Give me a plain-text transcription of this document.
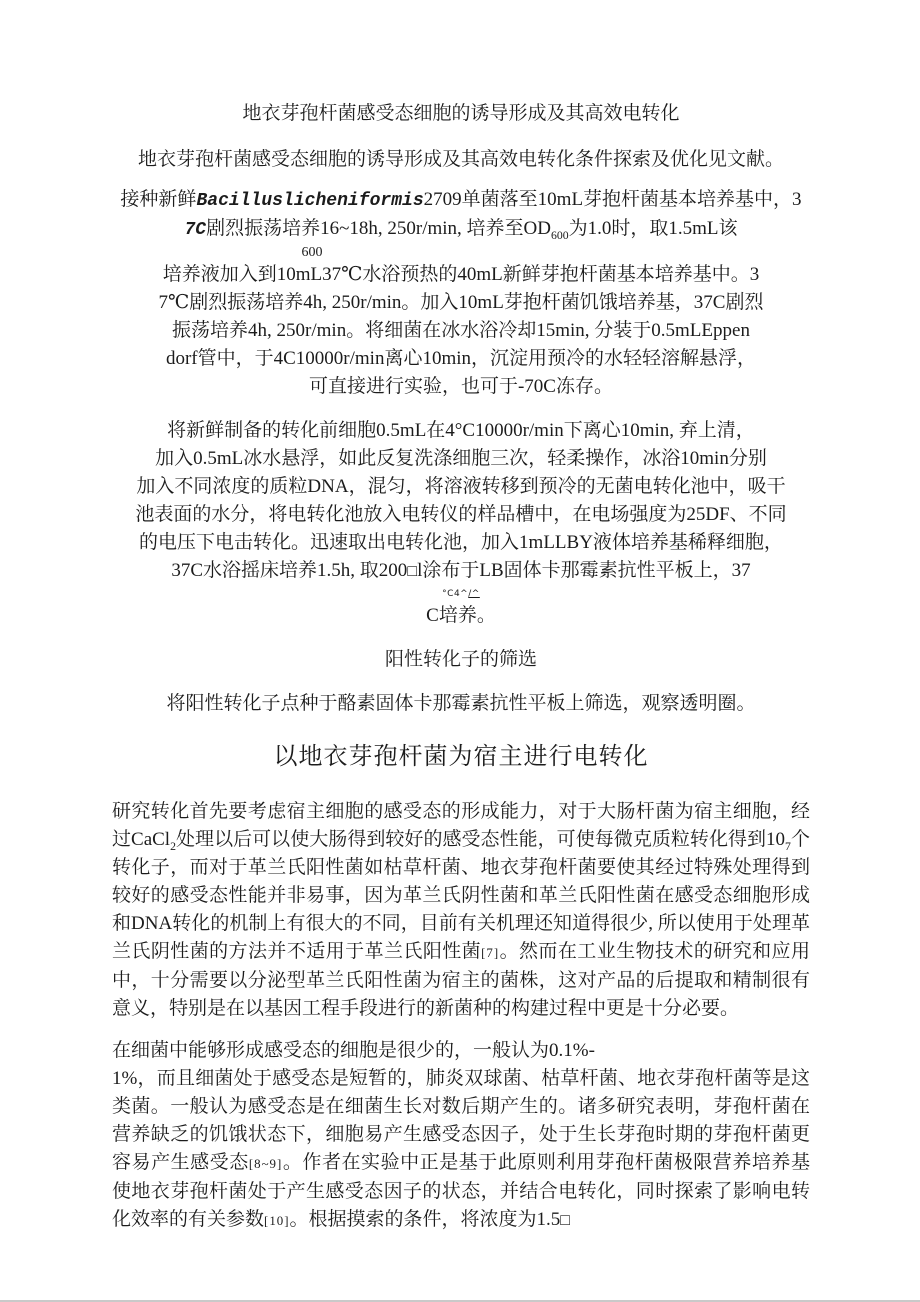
地衣芽孢杆菌感受态细胞的诱导形成及其高效电转化
地衣芽孢杆菌感受态细胞的诱导形成及其高效电转化条件探索及优化见文献。
接种新鲜Bacilluslicheniformis2709单菌落至10mL芽抱杆菌基本培养基中，3
7C剧烈振荡培养16~18h, 250r/min, 培养至$OD_{600}$为1.0时，取1.5mL该
600
培养液加入到10mL37℃水浴预热的40mL新鲜芽抱杆菌基本培养基中。3
7℃剧烈振荡培养4h, 250r/min。加入10mL芽抱杆菌饥饿培养基，37C剧烈
振荡培养4h, 250r/min。将细菌在冰水浴冷却15min, 分装于0.5mLEppen
dorf管中，于4C10000r/min离心10min，沉淀用预冷的水轻轻溶解悬浮，
可直接进行实验，也可于-70C冻存。
将新鲜制备的转化前细胞0.5mL在4°C10000r/min下离心10min, 弃上清，
加入0.5mL冰水悬浮，如此反复洗涤细胞三次，轻柔操作，冰浴10min分别
加入不同浓度的质粒DNA，混匀，将溶液转移到预冷的无菌电转化池中，吸干
池表面的水分，将电转化池放入电转仪的样品槽中，在电场强度为25DF、不同
的电压下电击转化。迅速取出电转化池，加入1mLLBY液体培养基稀释细胞，
37C水浴摇床培养1.5h, 取200□l涂布于LB固体卡那霉素抗性平板上，37
°C4^/^
C培养。
阳性转化子的筛选
将阳性转化子点种于酪素固体卡那霉素抗性平板上筛选，观察透明圈。
以地衣芽孢杆菌为宿主进行电转化
研究转化首先要考虑宿主细胞的感受态的形成能力，对于大肠杆菌为宿主细胞，经过CaCl$_2$处理以后可以使大肠得到较好的感受态性能，可使每微克质粒转化得到$10_7$个转化子，而对于革兰氏阳性菌如枯草杆菌、地衣芽孢杆菌要使其经过特殊处理得到较好的感受态性能并非易事，因为革兰氏阴性菌和革兰氏阳性菌在感受态细胞形成和DNA转化的机制上有很大的不同，目前有关机理还知道得很少, 所以使用于处理革兰氏阴性菌的方法并不适用于革兰氏阳性菌[7]。然而在工业生物技术的研究和应用中，十分需要以分泌型革兰氏阳性菌为宿主的菌株，这对产品的后提取和精制很有意义，特别是在以基因工程手段进行的新菌种的构建过程中更是十分必要。
在细菌中能够形成感受态的细胞是很少的，一般认为0.1%-
1%，而且细菌处于感受态是短暂的，肺炎双球菌、枯草杆菌、地衣芽孢杆菌等是这类菌。一般认为感受态是在细菌生长对数后期产生的。诸多研究表明，芽孢杆菌在营养缺乏的饥饿状态下，细胞易产生感受态因子，处于生长芽孢时期的芽孢杆菌更容易产生感受态[8~9]。作者在实验中正是基于此原则利用芽孢杆菌极限营养培养基使地衣芽孢杆菌处于产生感受态因子的状态，并结合电转化，同时探索了影响电转化效率的有关参数[10]。根据摸索的条件，将浓度为1.5□
